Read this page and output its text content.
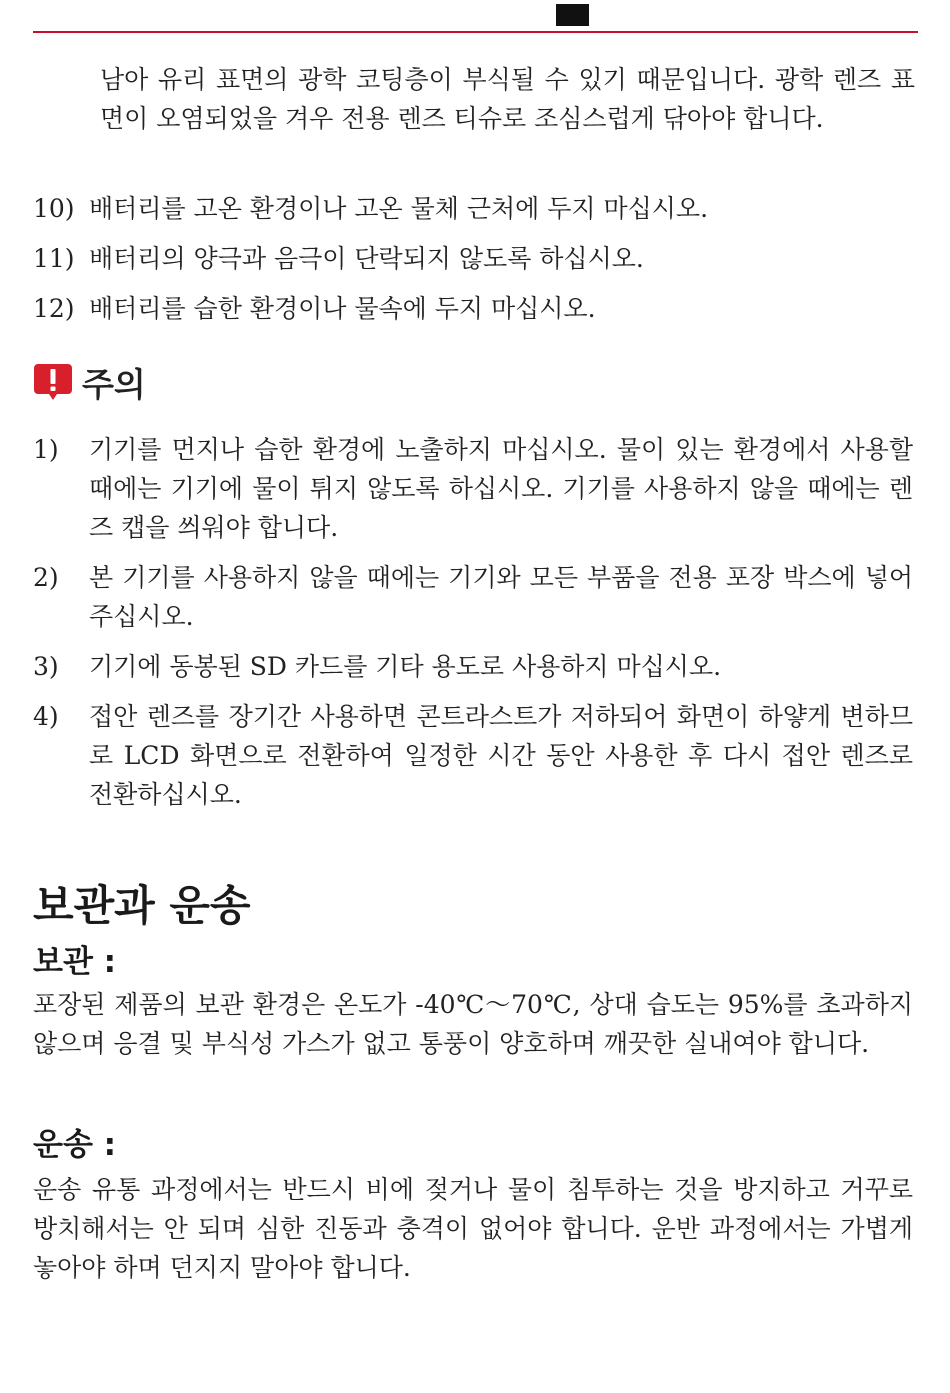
남아 유리 표면의 광학 코팅층이 부식될 수 있기 때문입니다. 광학 렌즈 표면이 오염되었을 겨우 전용 렌즈 티슈로 조심스럽게 닦아야 합니다.

10) 배터리를 고온 환경이나 고온 물체 근처에 두지 마십시오.
11) 배터리의 양극과 음극이 단락되지 않도록 하십시오.
12) 배터리를 습한 환경이나 물속에 두지 마십시오.
주의
1) 기기를 먼지나 습한 환경에 노출하지 마십시오. 물이 있는 환경에서 사용할 때에는 기기에 물이 튀지 않도록 하십시오. 기기를 사용하지 않을 때에는 렌즈 캡을 씌워야 합니다.
2) 본 기기를 사용하지 않을 때에는 기기와 모든 부품을 전용 포장 박스에 넣어주십시오.
3) 기기에 동봉된 SD 카드를 기타 용도로 사용하지 마십시오.
4) 접안 렌즈를 장기간 사용하면 콘트라스트가 저하되어 화면이 하얗게 변하므로 LCD 화면으로 전환하여 일정한 시간 동안 사용한 후 다시 접안 렌즈로 전환하십시오.
보관과 운송
보관 :

포장된 제품의 보관 환경은 온도가 -40℃～70℃, 상대 습도는 95%를 초과하지 않으며 응결 및 부식성 가스가 없고 통풍이 양호하며 깨끗한 실내여야 합니다.

운송 :

운송 유통 과정에서는 반드시 비에 젖거나 물이 침투하는 것을 방지하고 거꾸로 방치해서는 안 되며 심한 진동과 충격이 없어야 합니다. 운반 과정에서는 가볍게 놓아야 하며 던지지 말아야 합니다.
